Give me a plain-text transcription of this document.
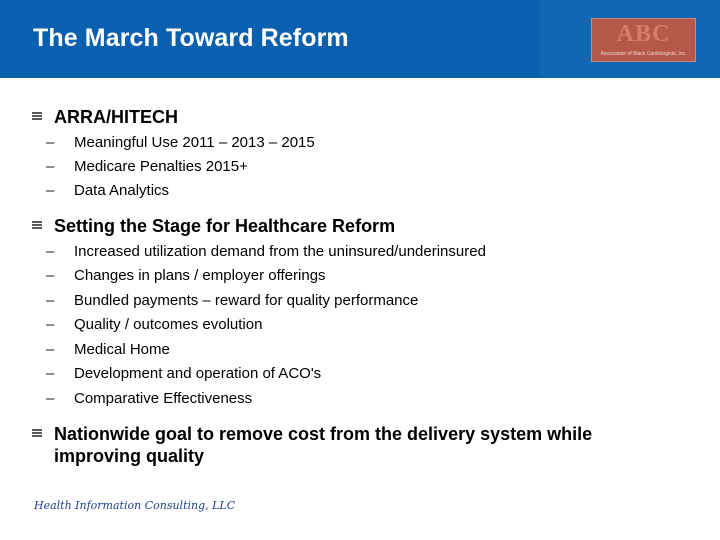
The March Toward Reform	ABC
Association of Black Cardiologists, Inc.
ARRA/HITECH
– Meaningful Use 2011 – 2013 – 2015
– Medicare Penalties 2015+
– Data Analytics
Setting the Stage for Healthcare Reform
– Increased utilization demand from the uninsured/underinsured
– Changes in plans / employer offerings
– Bundled payments – reward for quality performance
– Quality / outcomes evolution
– Medical Home
– Development and operation of ACO's
– Comparative Effectiveness
Nationwide goal to remove cost from the delivery system while improving quality
Health Information Consulting, LLC
